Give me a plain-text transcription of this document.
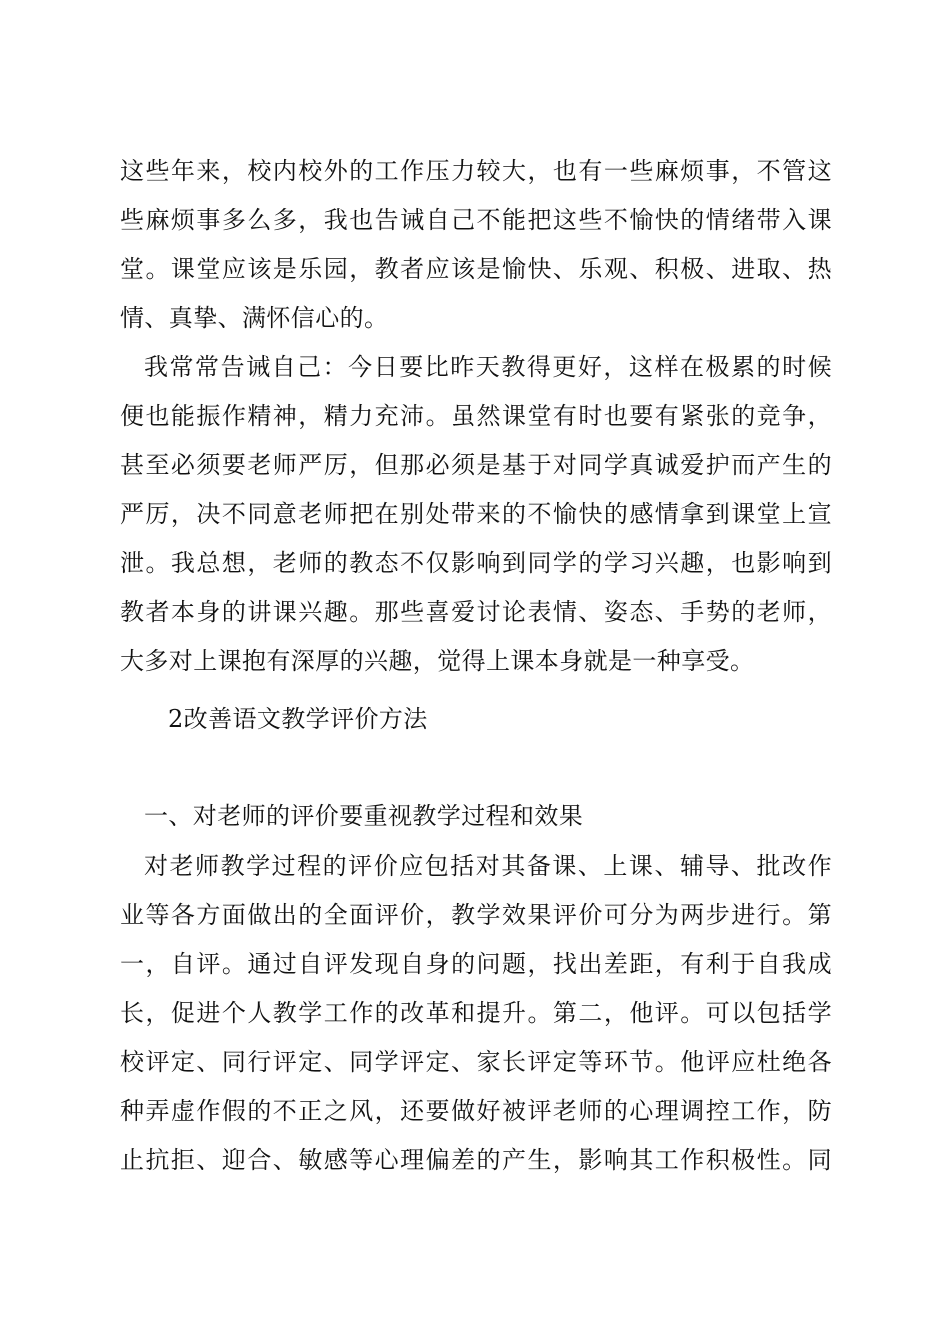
这些年来，校内校外的工作压力较大，也有一些麻烦事，不管这
些麻烦事多么多，我也告诫自己不能把这些不愉快的情绪带入课
堂。课堂应该是乐园，教者应该是愉快、乐观、积极、进取、热
情、真挚、满怀信心的。
我常常告诫自己：今日要比昨天教得更好，这样在极累的时候
便也能振作精神，精力充沛。虽然课堂有时也要有紧张的竞争，
甚至必须要老师严厉，但那必须是基于对同学真诚爱护而产生的
严厉，决不同意老师把在别处带来的不愉快的感情拿到课堂上宣
泄。我总想，老师的教态不仅影响到同学的学习兴趣，也影响到
教者本身的讲课兴趣。那些喜爱讨论表情、姿态、手势的老师，
大多对上课抱有深厚的兴趣，觉得上课本身就是一种享受。
2改善语文教学评价方法
一、对老师的评价要重视教学过程和效果
对老师教学过程的评价应包括对其备课、上课、辅导、批改作
业等各方面做出的全面评价，教学效果评价可分为两步进行。第
一，自评。通过自评发现自身的问题，找出差距，有利于自我成
长，促进个人教学工作的改革和提升。第二，他评。可以包括学
校评定、同行评定、同学评定、家长评定等环节。他评应杜绝各
种弄虚作假的不正之风，还要做好被评老师的心理调控工作，防
止抗拒、迎合、敏感等心理偏差的产生，影响其工作积极性。同
